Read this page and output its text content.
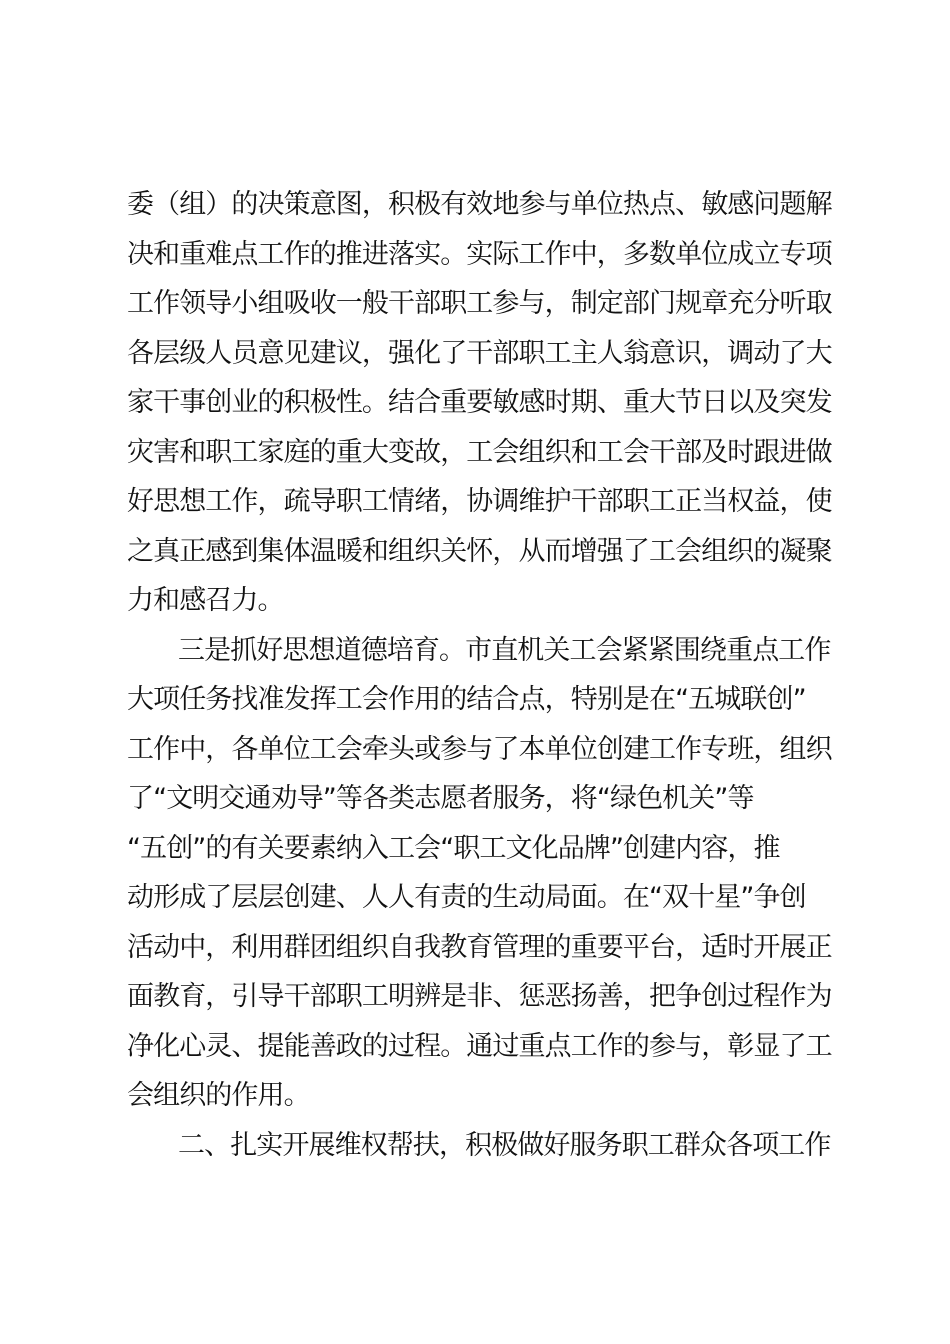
委（组）的决策意图，积极有效地参与单位热点、敏感问题解
决和重难点工作的推进落实。实际工作中，多数单位成立专项
工作领导小组吸收一般干部职工参与，制定部门规章充分听取
各层级人员意见建议，强化了干部职工主人翁意识，调动了大
家干事创业的积极性。结合重要敏感时期、重大节日以及突发
灾害和职工家庭的重大变故，工会组织和工会干部及时跟进做
好思想工作，疏导职工情绪，协调维护干部职工正当权益，使
之真正感到集体温暖和组织关怀，从而增强了工会组织的凝聚
力和感召力。
三是抓好思想道德培育。市直机关工会紧紧围绕重点工作
大项任务找准发挥工会作用的结合点，特别是在“五城联创”
工作中，各单位工会牵头或参与了本单位创建工作专班，组织
了“文明交通劝导”等各类志愿者服务，将“绿色机关”等
“五创”的有关要素纳入工会“职工文化品牌”创建内容，推
动形成了层层创建、人人有责的生动局面。在“双十星”争创
活动中，利用群团组织自我教育管理的重要平台，适时开展正
面教育，引导干部职工明辨是非、惩恶扬善，把争创过程作为
净化心灵、提能善政的过程。通过重点工作的参与，彰显了工
会组织的作用。
二、扎实开展维权帮扶，积极做好服务职工群众各项工作
